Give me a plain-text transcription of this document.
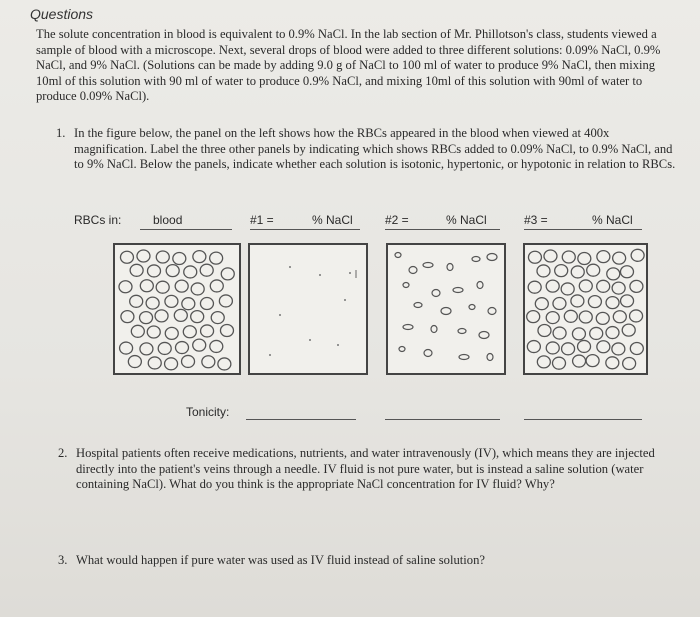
Questions
The solute concentration in blood is equivalent to 0.9% NaCl. In the lab section of Mr. Phillotson's class, students viewed a sample of blood with a microscope. Next, several drops of blood were added to three different solutions: 0.09% NaCl, 0.9% NaCl, and 9% NaCl. (Solutions can be made by adding 9.0 g of NaCl to 100 ml of water to produce 9% NaCl, then mixing 10ml of this solution with 90 ml of water to produce 0.9% NaCl, and mixing 10ml of this solution with 90ml of water to produce 0.09% NaCl).
1. In the figure below, the panel on the left shows how the RBCs appeared in the blood when viewed at 400x magnification. Label the three other panels by indicating which shows RBCs added to 0.09% NaCl, to 0.9% NaCl, and to 9% NaCl. Below the panels, indicate whether each solution is isotonic, hypertonic, or hypotonic in relation to RBCs.
RBCs in:	blood	#1 =	% NaCl	#2 =	% NaCl	#3 =	% NaCl
Tonicity:
2. Hospital patients often receive medications, nutrients, and water intravenously (IV), which means they are injected directly into the patient's veins through a needle. IV fluid is not pure water, but is instead a saline solution (water containing NaCl). What do you think is the appropriate NaCl concentration for IV fluid? Why?
3. What would happen if pure water was used as IV fluid instead of saline solution?
